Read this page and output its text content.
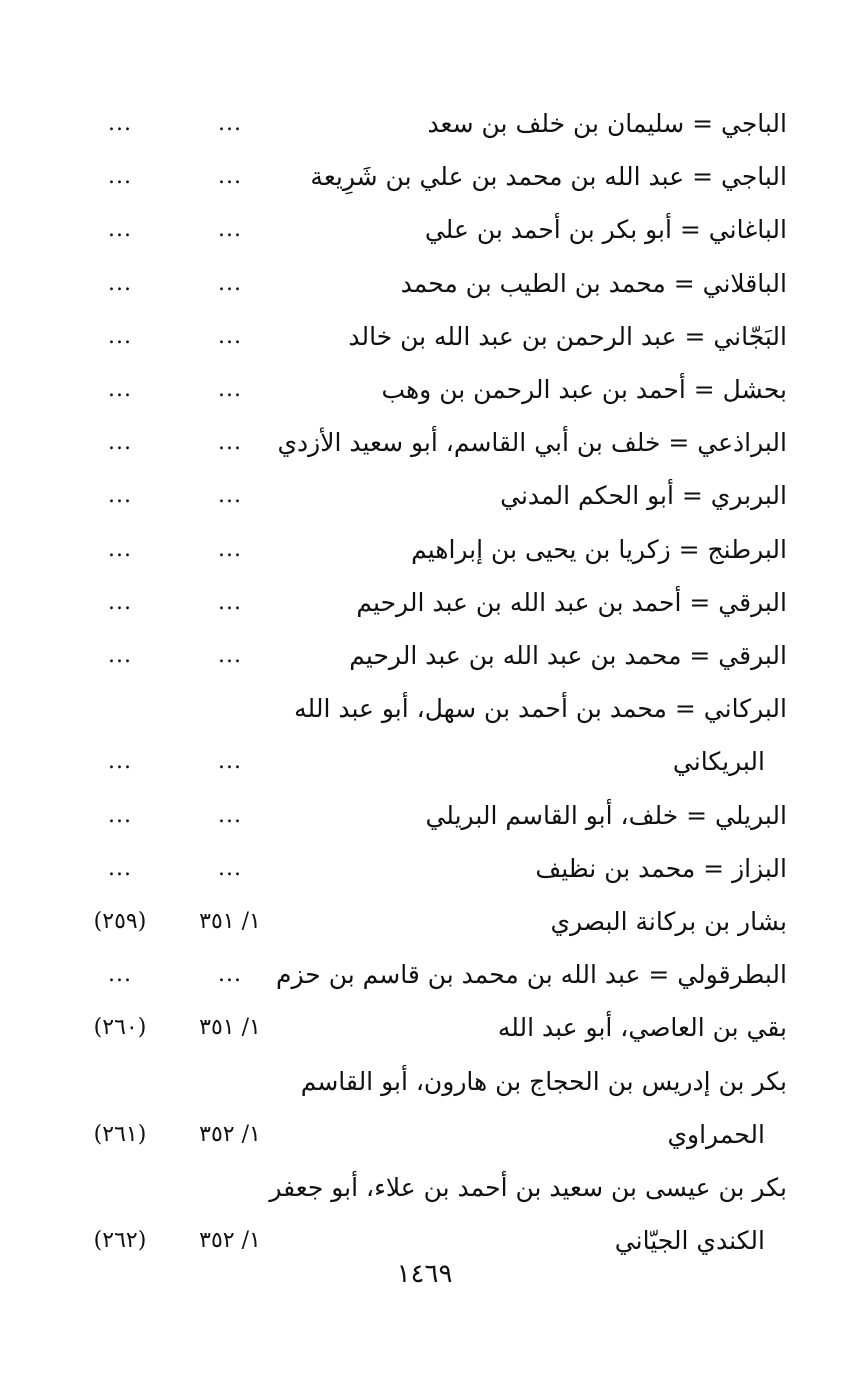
الباجي = سليمان بن خلف بن سعد
...
...
الباجي = عبد الله بن محمد بن علي بن شَرِيعة
...
...
الباغاني = أبو بكر بن أحمد بن علي
...
...
الباقلاني = محمد بن الطيب بن محمد
...
...
البَجّاني = عبد الرحمن بن عبد الله بن خالد
...
...
بحشل = أحمد بن عبد الرحمن بن وهب
...
...
البراذعي = خلف بن أبي القاسم، أبو سعيد الأزدي
...
...
البربري = أبو الحكم المدني
...
...
البرطنج = زكريا بن يحيى بن إبراهيم
...
...
البرقي = أحمد بن عبد الله بن عبد الرحيم
...
...
البرقي = محمد بن عبد الله بن عبد الرحيم
...
...
البركاني = محمد بن أحمد بن سهل، أبو عبد الله
البريكاني
...
...
البريلي = خلف، أبو القاسم البريلي
...
...
البزاز = محمد بن نظيف
...
...
بشار بن بركانة البصري
١/ ٣٥١
(٢٥٩)
البطرقولي = عبد الله بن محمد بن قاسم بن حزم
...
...
بقي بن العاصي، أبو عبد الله
١/ ٣٥١
(٢٦٠)
بكر بن إدريس بن الحجاج بن هارون، أبو القاسم
الحمراوي
١/ ٣٥٢
(٢٦١)
بكر بن عيسى بن سعيد بن أحمد بن علاء، أبو جعفر
الكندي الجيّاني
١/ ٣٥٢
(٢٦٢)
١٤٦٩
